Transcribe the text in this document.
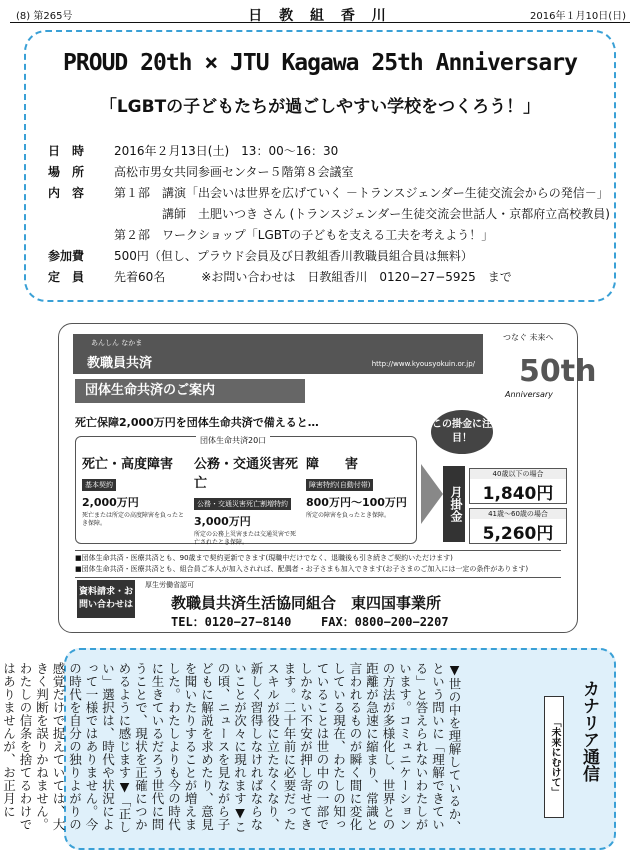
(8) 第265号	日 教 組 香 川	2016年１月10日(日)
PROUD 20th × JTU Kagawa 25th Anniversary
「LGBTの子どもたちが過ごしやすい学校をつくろう！」
日　時 2016年２月13日(土)　13：00〜16：30
場　所 高松市男女共同参画センター５階第８会議室
内　容 第１部　講演「出会いは世界を広げていく －トランスジェンダー生徒交流会からの発信－」
　　　　講師　土肥いつき さん (トランスジェンダー生徒交流会世話人・京都府立高校教員)
第２部　ワークショップ「LGBTの子どもを支える工夫を考えよう！」
参加費 500円（但し、プラウド会員及び日教組香川教職員組合員は無料）
定　員 先着60名　　　※お問い合わせは　日教組香川　0120−27−5925　まで
あんしん なかま
教職員共済	http://www.kyousyokuin.or.jp/
つなぐ 未来へ
50th
Anniversary
団体生命共済のご案内
死亡保障2,000万円を団体生命共済で備えると…
団体生命共済20口
死亡・高度障害
基本契約
2,000万円
死亡または所定の高度障害を負ったとき保障。
公務・交通災害死亡
公務・交通災害死亡割増特約
3,000万円
所定の公務上災害または交通災害で死亡されたとき保障。
障　　害
障害特約(自動付帯)
800万円〜100万円
所定の障害を負ったとき保障。
この掛金に注目！
月掛金
40歳以下の場合
1,840円
41歳〜60歳の場合
5,260円
■団体生命共済・医療共済とも、90歳まで契約更新できます(現職中だけでなく、退職後も引き続きご契約いただけます)
■団体生命共済・医療共済とも、組合員ご本人が加入されれば、配偶者・お子さまも加入できます(お子さまのご加入には一定の条件があります)
資料請求・お問い合わせは
厚生労働省認可
教職員共済生活協同組合　東四国事業所
TEL：0120−27−8140 FAX：0800−200−2207
カナリア通信
「未来にむけて」
▼世の中を理解しているか、という問いに「理解できている」と答えられないわたしがいます。コミュニケーションの方法が多様化し、世界との距離が急速に縮まり、常識と言われるものが瞬く間に変化している現在、わたしの知っていることは世の中の一部でしかない不安が押し寄せてきます。二十年前に必要だったスキルが役に立たなくなり、新しく習得しなければならないことが次々に現れます▼この頃、ニュースを見ながら子どもに解説を求めたり、意見を聞いたりすることが増えました。わたしよりも今の時代に生きているだろう世代に問うことで、現状を正確につかめるように感じます▼「正しい」選択は、時代や状況によって一様ではありません。今の時代を自分の独りよがりの感覚だけで捉えていては、大きく判断を誤りかねません。わたしの信条を捨てるわけではありませんが、お正月に
